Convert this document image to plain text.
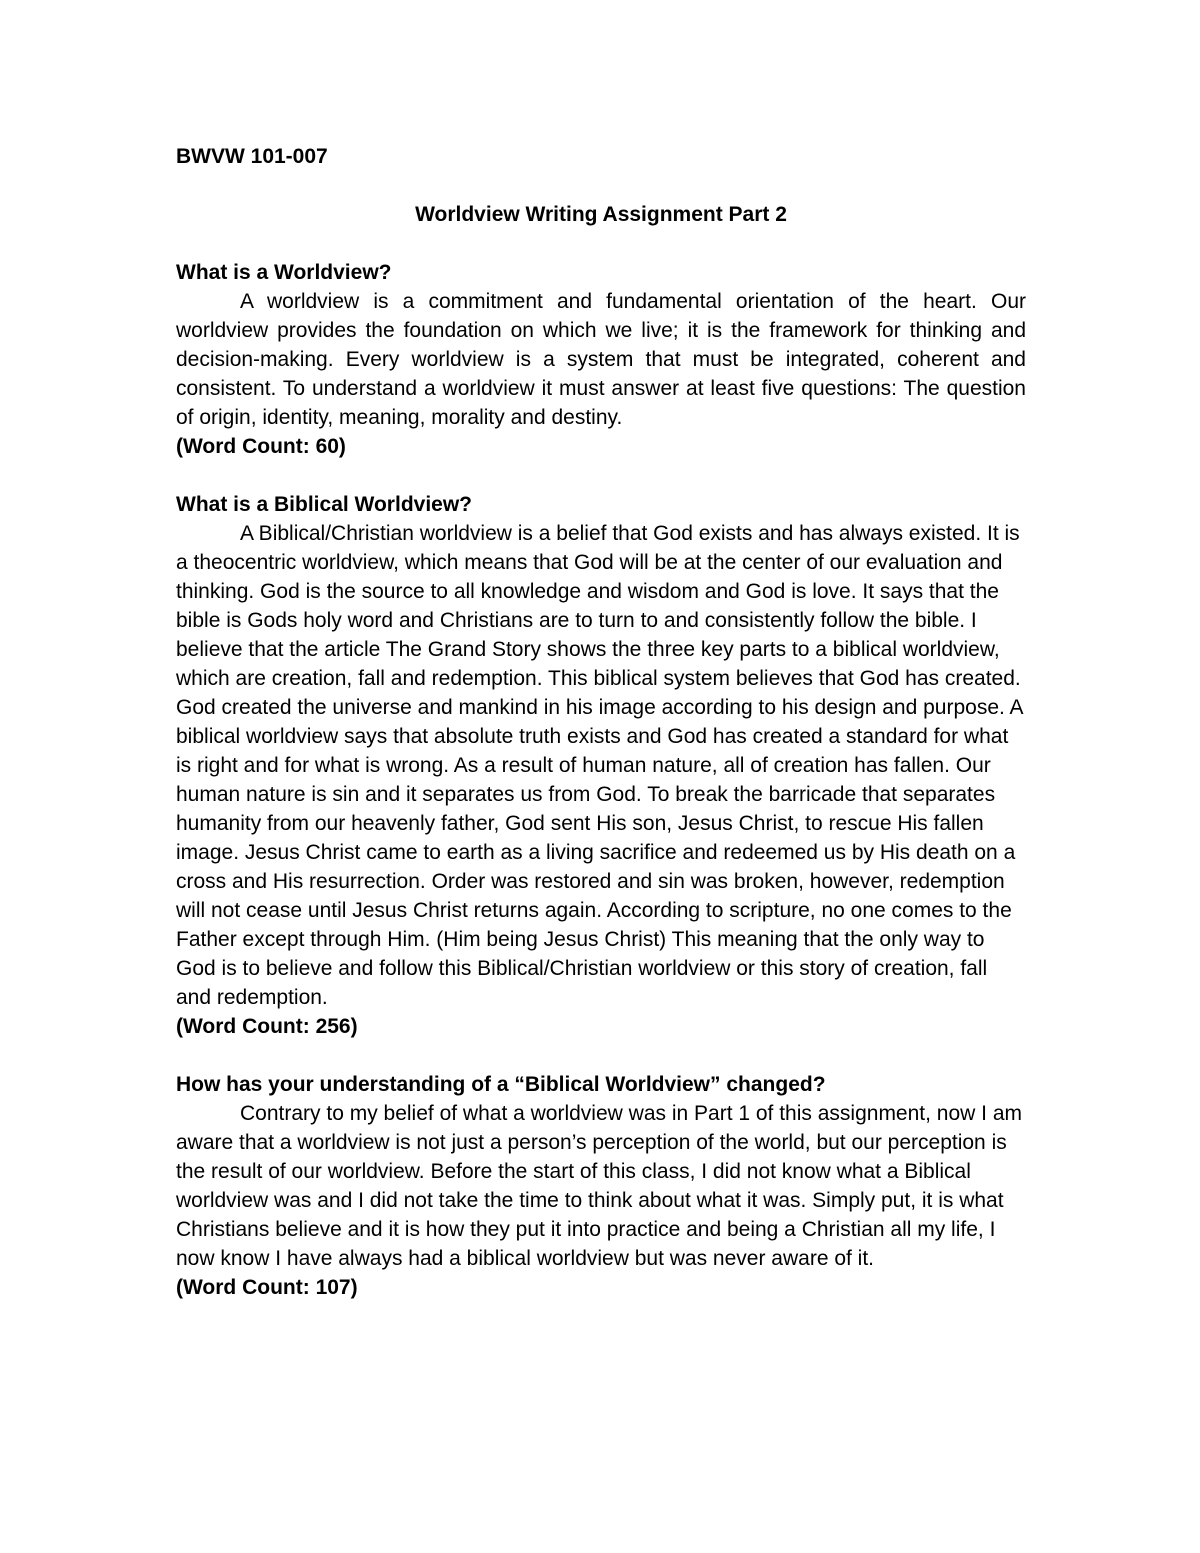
BWVW 101-007

Worldview Writing Assignment Part 2

What is a Worldview?

A worldview is a commitment and fundamental orientation of the heart. Our worldview provides the foundation on which we live; it is the framework for thinking and decision-making. Every worldview is a system that must be integrated, coherent and consistent. To understand a worldview it must answer at least five questions: The question of origin, identity, meaning, morality and destiny.

(Word Count: 60)

What is a Biblical Worldview?

A Biblical/Christian worldview is a belief that God exists and has always existed. It is a theocentric worldview, which means that God will be at the center of our evaluation and thinking. God is the source to all knowledge and wisdom and God is love. It says that the bible is Gods holy word and Christians are to turn to and consistently follow the bible. I believe that the article The Grand Story shows the three key parts to a biblical worldview, which are creation, fall and redemption. This biblical system believes that God has created. God created the universe and mankind in his image according to his design and purpose. A biblical worldview says that absolute truth exists and God has created a standard for what is right and for what is wrong. As a result of human nature, all of creation has fallen. Our human nature is sin and it separates us from God. To break the barricade that separates humanity from our heavenly father, God sent His son, Jesus Christ, to rescue His fallen image. Jesus Christ came to earth as a living sacrifice and redeemed us by His death on a cross and His resurrection. Order was restored and sin was broken, however, redemption will not cease until Jesus Christ returns again. According to scripture, no one comes to the Father except through Him. (Him being Jesus Christ) This meaning that the only way to God is to believe and follow this Biblical/Christian worldview or this story of creation, fall and redemption.

(Word Count: 256)

How has your understanding of a “Biblical Worldview” changed?

Contrary to my belief of what a worldview was in Part 1 of this assignment, now I am aware that a worldview is not just a person’s perception of the world, but our perception is the result of our worldview. Before the start of this class, I did not know what a Biblical worldview was and I did not take the time to think about what it was. Simply put, it is what Christians believe and it is how they put it into practice and being a Christian all my life, I now know I have always had a biblical worldview but was never aware of it.

(Word Count: 107)
